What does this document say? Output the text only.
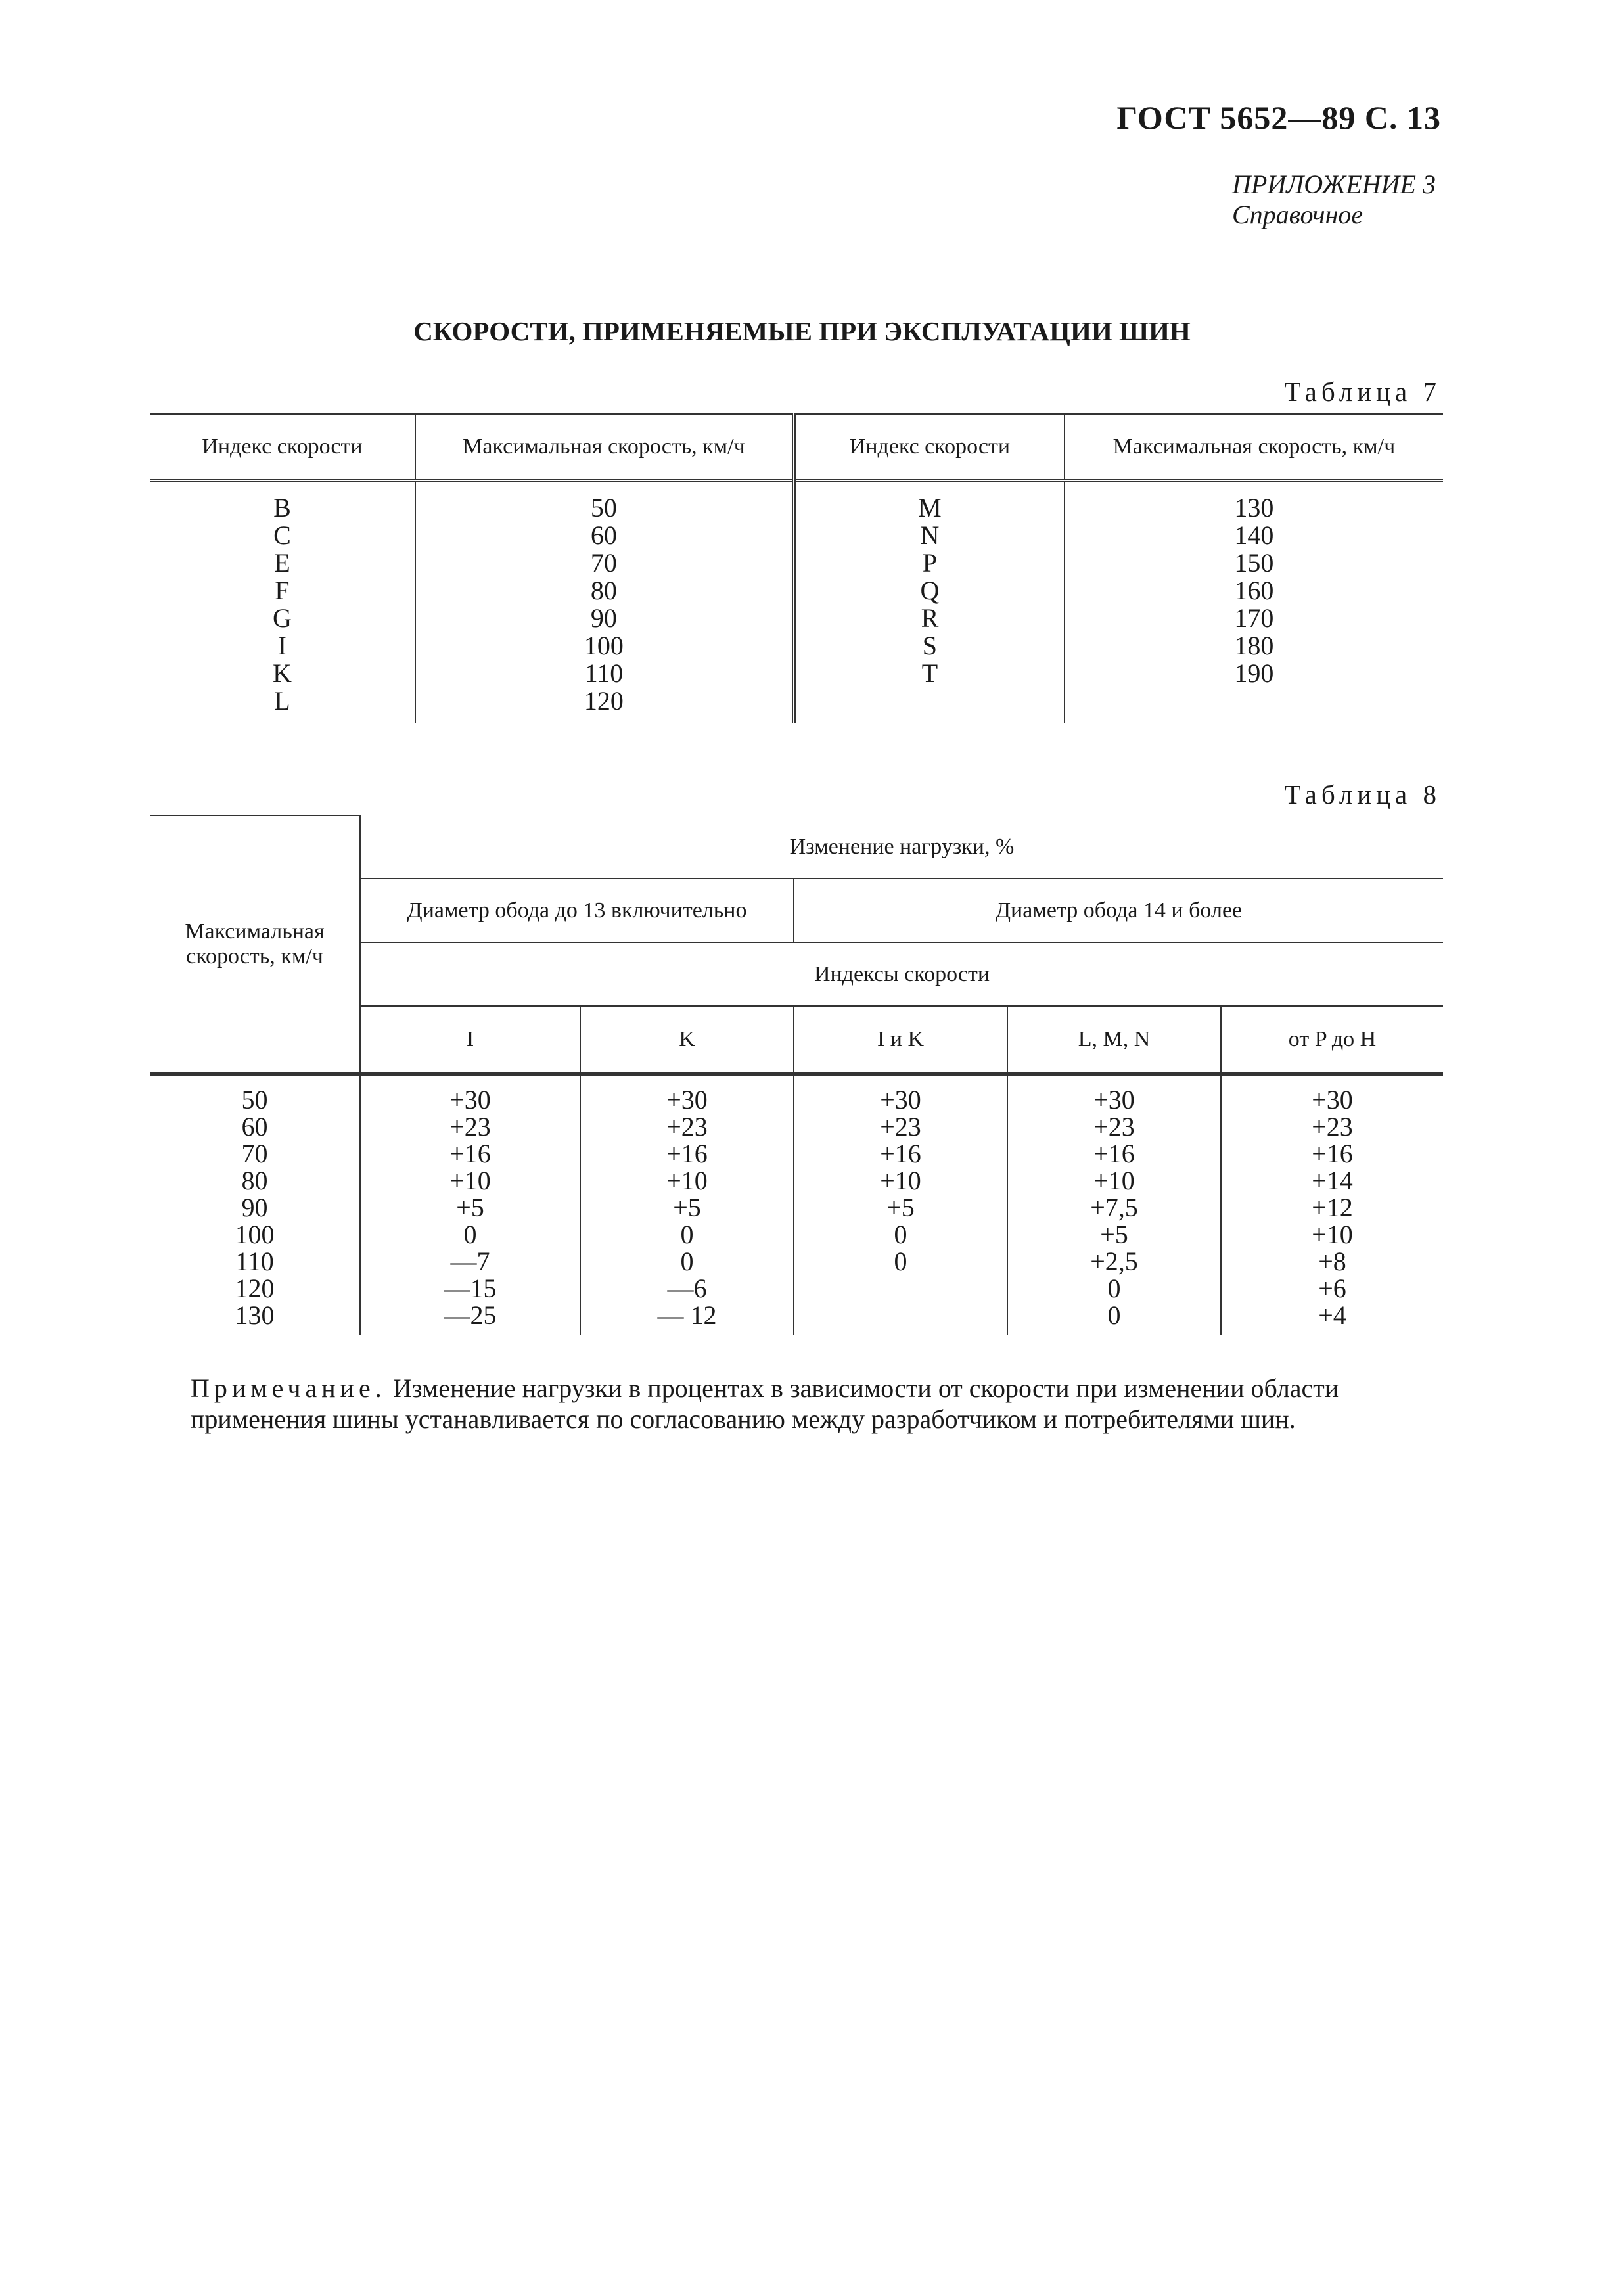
ГОСТ 5652—89 С. 13
ПРИЛОЖЕНИЕ 3
Справочное
СКОРОСТИ, ПРИМЕНЯЕМЫЕ ПРИ ЭКСПЛУАТАЦИИ ШИН
Таблица 7
Индекс скорости	Максимальная скорость, км/ч	Индекс скорости	Максимальная скорость, км/ч
B	50	M	130
C	60	N	140
E	70	P	150
F	80	Q	160
G	90	R	170
I	100	S	180
K	110	T	190
L	120		
Таблица 8
Максимальная скорость, км/ч	Изменение нагрузки, %				
	Диаметр обода до 13 включительно		Диаметр обода 14 и более		
	Индексы скорости				
	I	K	I и K	L, M, N	от P до H
50	+30	+30	+30	+30	+30
60	+23	+23	+23	+23	+23
70	+16	+16	+16	+16	+16
80	+10	+10	+10	+10	+14
90	+5	+5	+5	+7,5	+12
100	0	0	0	+5	+10
110	—7	0	0	+2,5	+8
120	—15	—6		0	+6
130	—25	— 12		0	+4
Примечание. Изменение нагрузки в процентах в зависимости от скорости при изменении области
применения шины устанавливается по согласованию между разработчиком и потребителями шин.
